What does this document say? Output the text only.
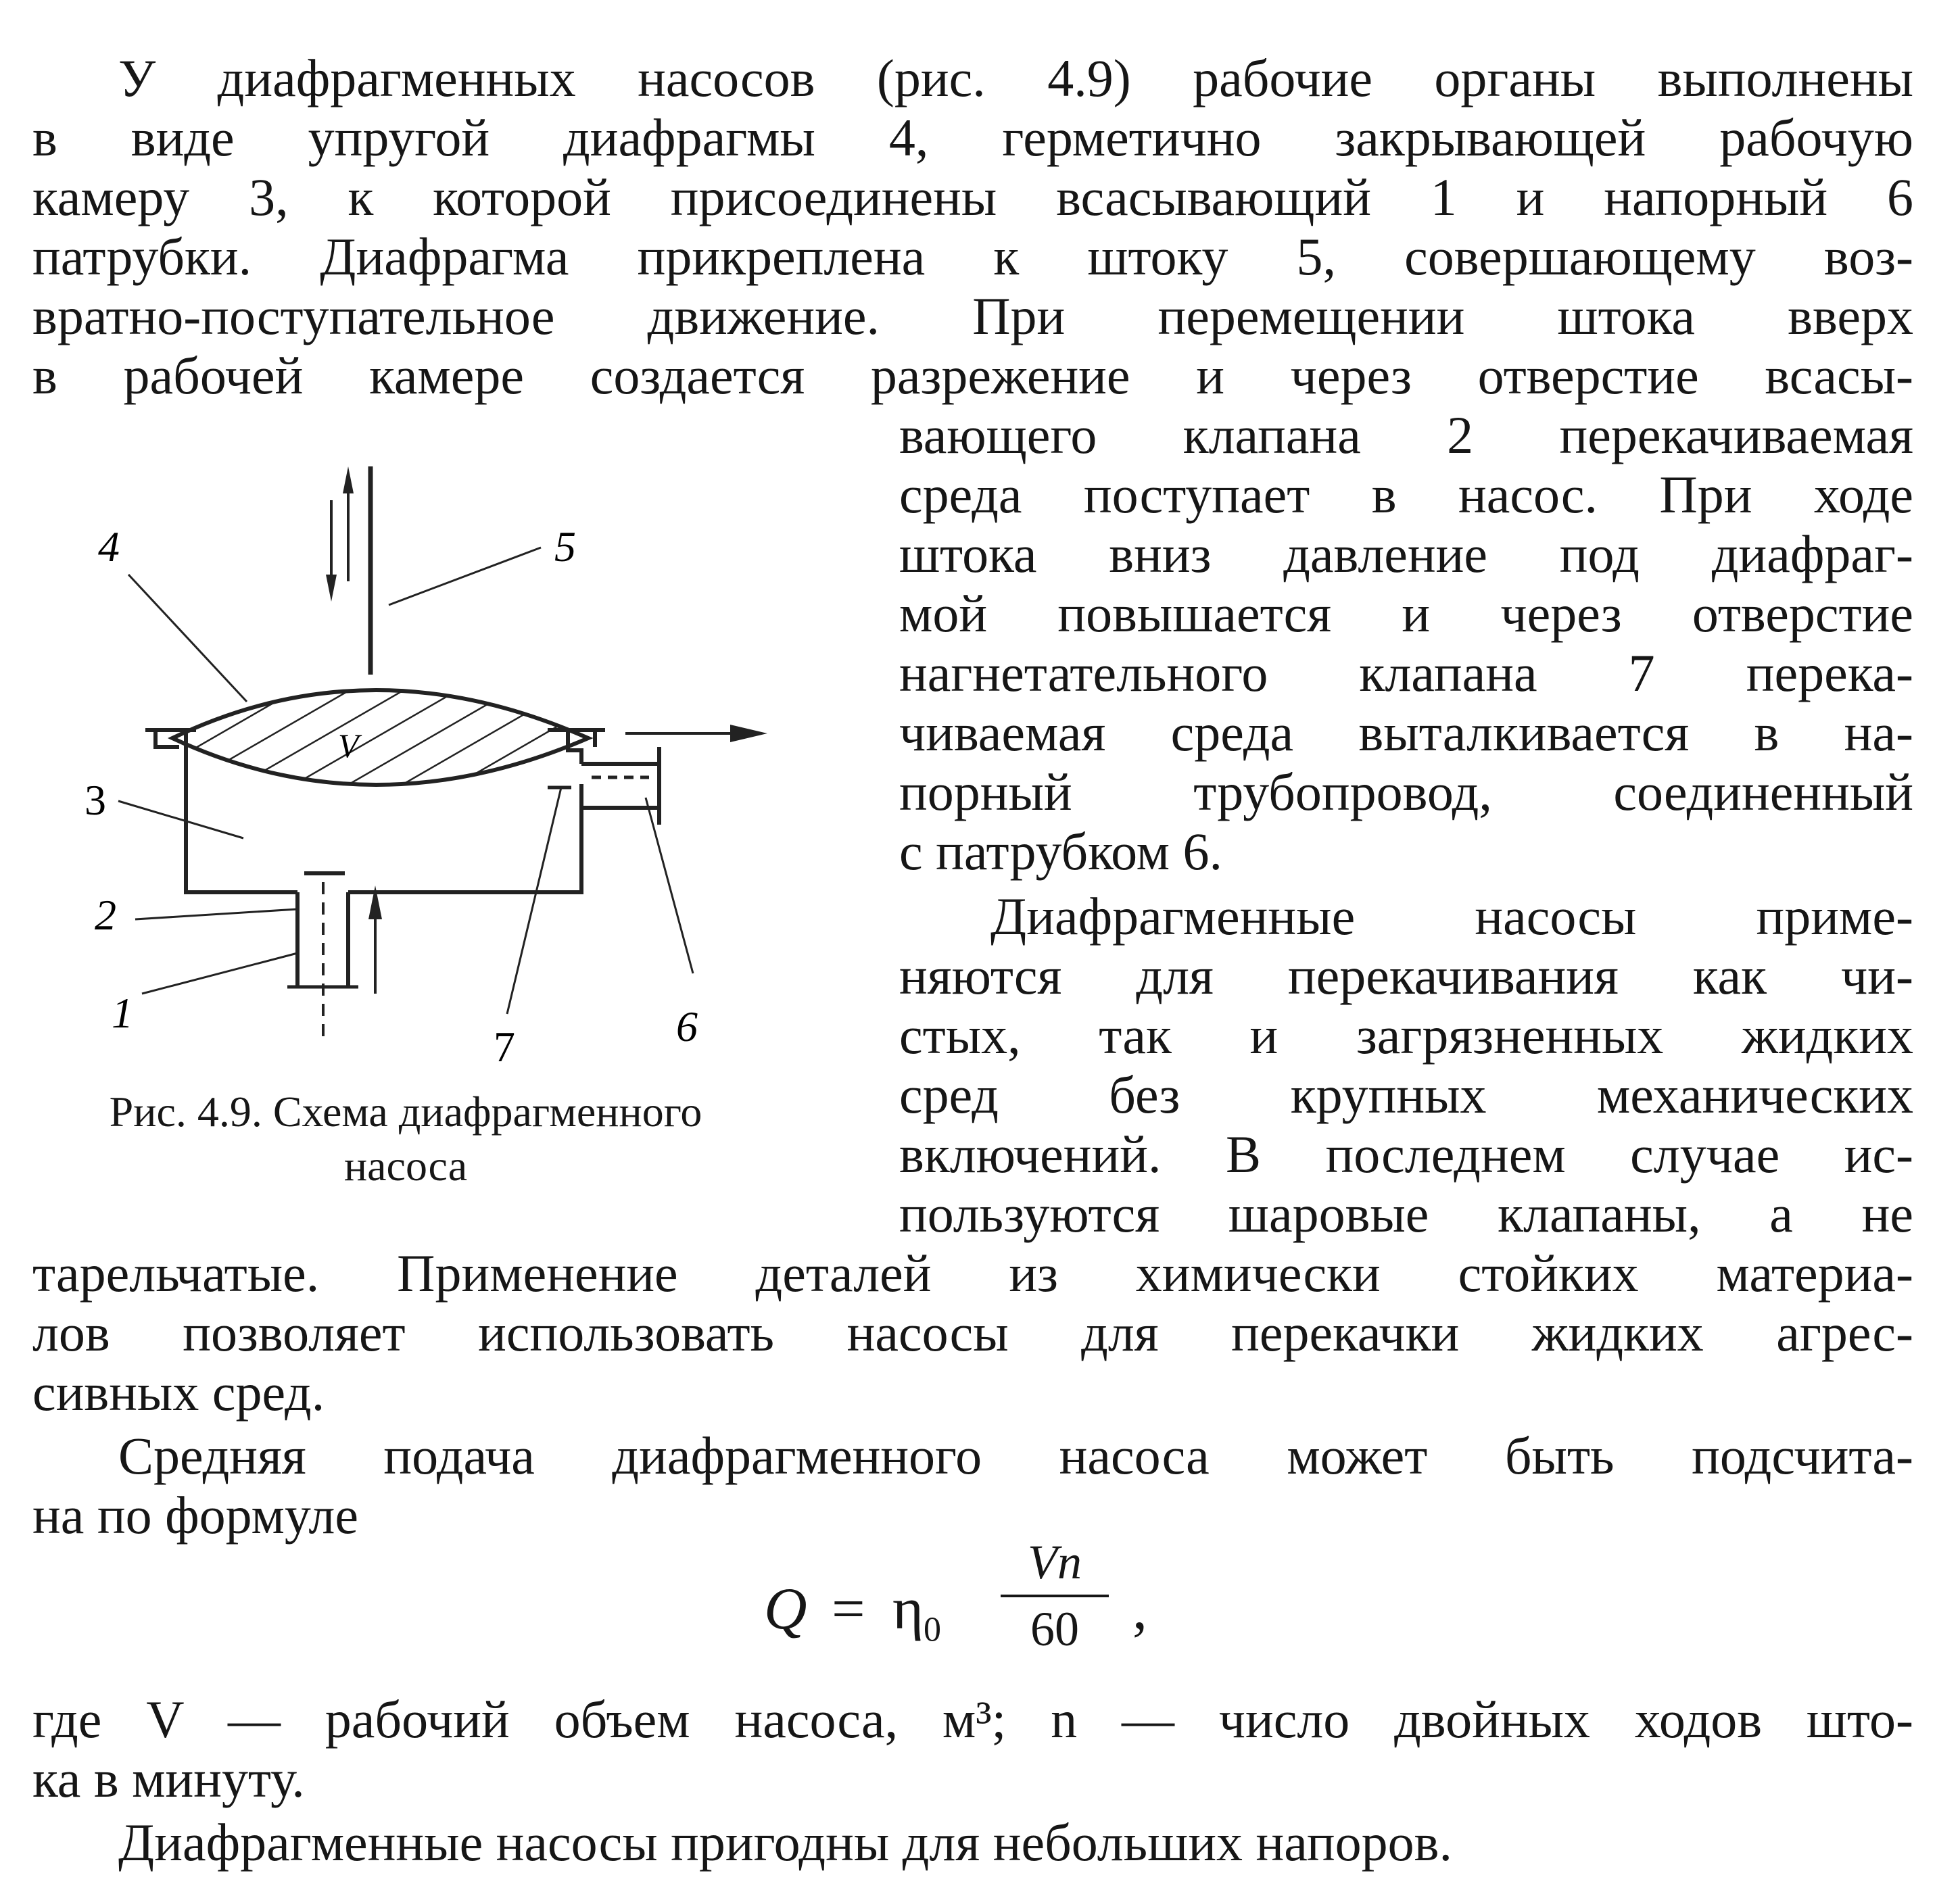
У диафрагменных насосов (рис. 4.9) рабочие органы выполнены
в виде упругой диафрагмы 4, герметично закрывающей рабочую
камеру 3, к которой присоединены всасывающий 1 и напорный 6
патрубки. Диафрагма прикреплена к штоку 5, совершающему воз-
вратно-поступательное движение. При перемещении штока вверх
в рабочей камере создается разрежение и через отверстие всасы-
вающего клапана 2 перекачиваемая
среда поступает в насос. При ходе
штока вниз давление под диафраг-
мой повышается и через отверстие
нагнетательного клапана 7 перека-
чиваемая среда выталкивается в на-
порный трубопровод, соединенный
с патрубком 6.
Диафрагменные насосы приме-
няются для перекачивания как чи-
стых, так и загрязненных жидких
сред без крупных механических
включений. В последнем случае ис-
пользуются шаровые клапаны, а не
тарельчатые. Применение деталей из химически стойких материа-
лов позволяет использовать насосы для перекачки жидких агрес-
сивных сред.
Средняя подача диафрагменного насоса может быть подсчита-
на по формуле
$Q = \eta_0$
Vn
60 ,
где V — рабочий объем насоса, м³; n — число двойных ходов што-
ка в минуту.
Диафрагменные насосы пригодны для небольших напоров.
4	5
3
2
1
7	6
V
Рис. 4.9. Схема диафрагменного
насоса
